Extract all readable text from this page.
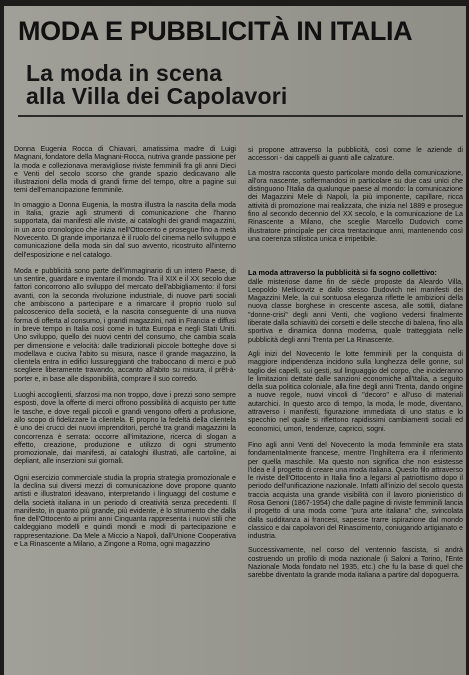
MODA E PUBBLICITÀ IN ITALIA
La moda in scena
alla Villa dei Capolavori

Donna Eugenia Rocca di Chiavari, amatissima madre di Luigi Magnani, fondatore della Magnani-Rocca, nutriva grande passione per la moda e collezionava meravigliose riviste femminili fra gli anni Dieci e Venti del secolo scorso che grande spazio dedicavano alle illustrazioni della moda di grandi firme del tempo, oltre a pagine sui temi dell'emancipazione femminile.

In omaggio a Donna Eugenia, la mostra illustra la nascita della moda in Italia, grazie agli strumenti di comunicazione che l'hanno supportata, dai manifesti alle riviste, ai cataloghi dei grandi magazzini, in un arco cronologico che inizia nell'Ottocento e prosegue fino a metà Novecento. Di grande importanza è il ruolo del cinema nello sviluppo e comunicazione della moda sin dal suo avvento, ricostruito all'interno dell'esposizione e nel catalogo.

Moda e pubblicità sono parte dell'immaginario di un intero Paese, di un sentire, guardare e inventare il mondo. Tra il XIX e il XX secolo due fattori concorrono allo sviluppo del mercato dell'abbigliamento: il forsi avanti, con la seconda rivoluzione industriale, di nuove parti sociali che ambiscono a partecipare e a rimarcare il proprio ruolo sul palcoscenico della società, e la nascita conseguente di una nuova forma di offerta al consumo, i grandi magazzini, nati in Francia e diffusi in breve tempo in Italia così come in tutta Europa e negli Stati Uniti. Uno sviluppo, quello dei nuovi centri del consumo, che cambia scala per dimensione e velocità: dalle tradizionali piccole botteghe dove si modellava e cuciva l'abito su misura, nasce il grande magazzino, la clientela entra in edifici lussureggianti che traboccano di merci e può scegliere liberamente travando, accanto all'abito su misura, il prêt-à-porter e, in base alle disponibilità, comprare il suo corredo.

Luoghi accoglienti, sfarzosi ma non troppo, dove i prezzi sono sempre esposti, dove la offerte di merci offrono possibilità di acquisto per tutte le tasche, e dove regali piccoli e grandi vengono offerti a profusione, allo scopo di fidelizzare la clientela. E proprio la fedeltà della clientela è uno dei crucci dei nuovi imprenditori, perché tra grandi magazzini la concorrenza è serrata: occorre all'imitazione, ricerca di slogan a effetto, creazione, produzione e utilizzo di ogni strumento promozionale, dai manifesti, ai cataloghi illustrati, alle cartoline, ai depliant, alle inserzioni sui giornali.

Ogni esercizio commerciale studia la propria strategia promozionale e la declina sui diversi mezzi di comunicazione dove propone quanto artisti e illustratori ideavano, interpretando i linguaggi del costume e della società italiana in un periodo di creatività senza precedenti. Il manifesto, in quanto più grande, più evidente, è lo strumento che dalla fine dell'Ottocento ai primi anni Cinquanta rappresenta i nuovi stili che caldeggiano modelli e quindi mondi e modi di partecipazione e rappresentazione. Da Mele a Miccio a Napoli, dall'Unione Cooperativa e La Rinascente a Milano, a Zingone a Roma, ogni magazzino

si propone attraverso la pubblicità, così come le aziende di accessori - dai cappelli ai guanti alle calzature.

La mostra racconta questo particolare mondo della comunicazione, all'ora nascente, soffermandosi in particolare su due casi unici che distinguono l'Italia da qualunque paese al mondo: la comunicazione dei Magazzini Mele di Napoli, la più imponente, capillare, ricca attività di promozione mai realizzata, che inizia nel 1889 e prosegue fino al secondo decennio del XX secolo, e la comunicazione de La Rinascente a Milano, che sceglie Marcello Dudovich come illustratore principale per circa trentacinque anni, mantenendo così una coerenza stilistica unica e irripetibile.

La moda attraverso la pubblicità si fa sogno collettivo:

dalle misteriose dame fin de siècle proposte da Aleardo Villa, Leopoldo Metlicovitz e dallo stesso Dudovich nei manifesti dei Magazzini Mele, la cui sontuosa eleganza riflette le ambizioni della nuova classe borghese in crescente ascesa, alle sottili, diafane "donne-crisi" degli anni Venti, che vogliono vedersi finalmente liberate dalla schiavitù dei corsetti e delle stecche di balena, fino alla sportiva e dinamica donna moderna, quale tratteggiata nelle pubblicità degli anni Trenta per La Rinascente.

Agli inizi del Novecento le lotte femminili per la conquista di maggiore indipendenza incidono sulla lunghezza delle gonne, sul taglio dei capelli, sui gesti, sul linguaggio del corpo, che incideranno le limitazioni dettate dalle sanzioni economiche all'Italia, a seguito della sua politica coloniale, alla fine degli anni Trenta, dando origine a nuove regole, nuovi vincoli di "decoro" e all'uso di materiali autarchici. In questo arco di tempo, la moda, le mode, diventano, attraverso i manifesti, figurazione immediata di uno status e lo specchio nel quale si riflettono rapidissimi cambiamenti sociali ed economici, umori, tendenze, capricci, sogni.

Fino agli anni Venti del Novecento la moda femminile era stata fondamentalmente francese, mentre l'Inghilterra era il riferimento per quella maschile. Ma questo non significa che non esistesse l'idea e il progetto di creare una moda italiana. Questo filo attraverso le riviste dell'Ottocento in Italia fino a legarsi al patriottismo dopo il periodo dell'unificazione nazionale. Infatti all'inizio del secolo questa traccia acquista una grande visibilità con il lavoro pionieristico di Rosa Genoni (1867-1954) che dalle pagine di riviste femminili lancia il progetto di una moda come "pura arte italiana" che, svincolata dalla sudditanza ai francesi, sapesse trarre ispirazione dal mondo classico e dai capolavori del Rinascimento, coniugando artigianato e industria.

Successivamente, nel corso del ventennio fascista, si andrà costruendo un profilo di moda nazionale (i Saloni a Torino, l'Ente Nazionale Moda fondato nel 1935, etc.) che fu la base di quel che sarebbe diventato la grande moda italiana a partire dal dopoguerra.
